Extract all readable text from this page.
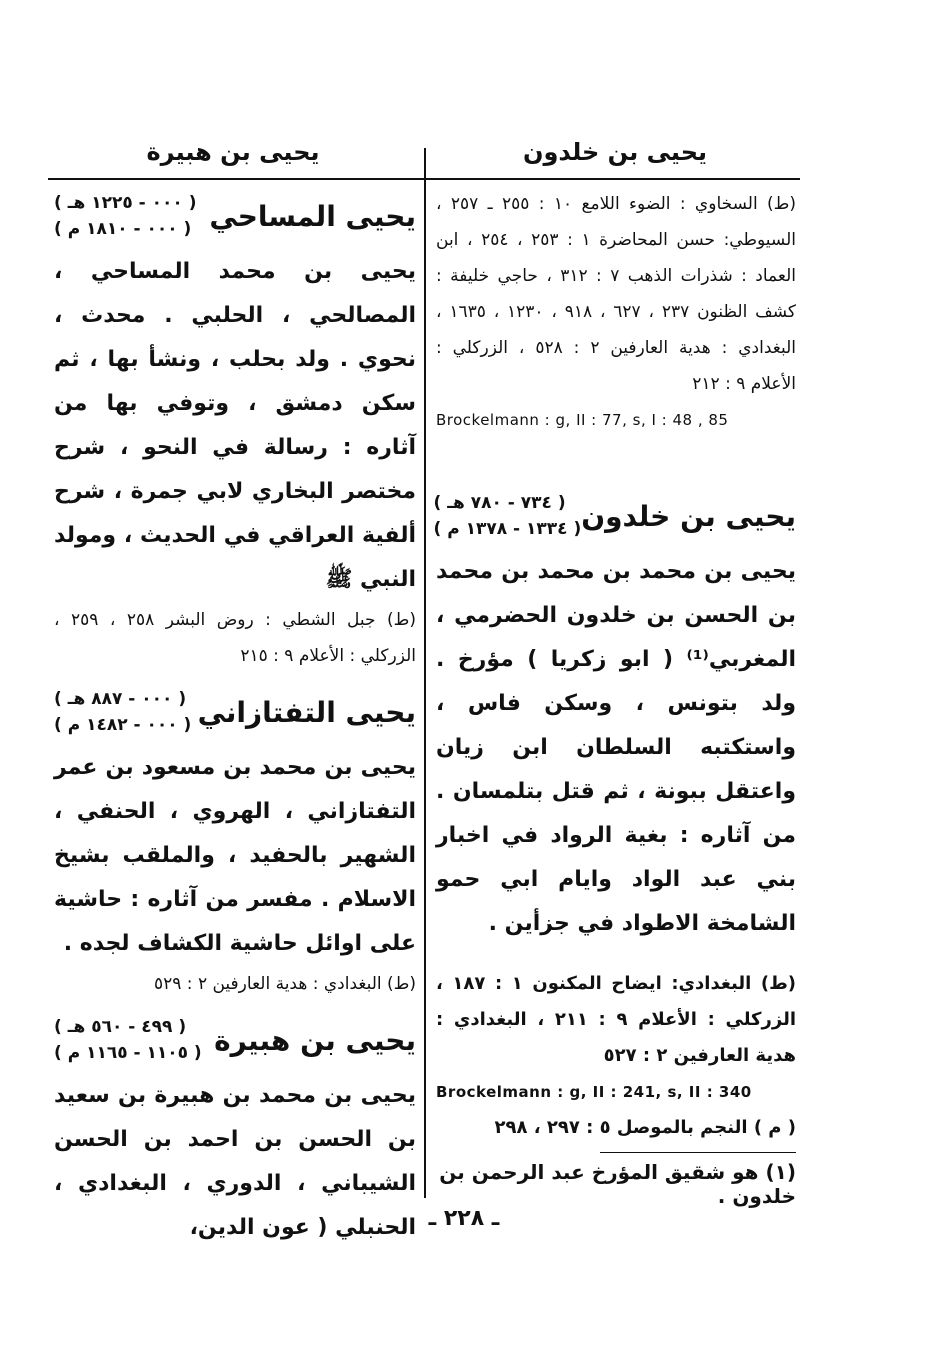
يحيى بن خلدون
يحيى بن هبيرة

(ط) السخاوي : الضوء اللامع ١٠ : ٢٥٥ ـ ٢٥٧ ، السيوطي: حسن المحاضرة ١ : ٢٥٣ ، ٢٥٤ ، ابن العماد : شذرات الذهب ٧ : ٣١٢ ، حاجي خليفة : كشف الظنون ٢٣٧ ، ٦٢٧ ، ٩١٨ ، ١٢٣٠ ، ١٦٣٥ ، البغدادي : هدية العارفين ٢ : ٥٢٨ ، الزركلي : الأعلام ٩ : ٢١٢

Brockelmann : g, II : 77, s, I : 48 , 85

يحيى بن خلدون
( ٧٣٤ - ٧٨٠ هـ )
( ١٣٣٤ - ١٣٧٨ م )

يحيى بن محمد بن محمد بن محمد بن الحسن بن خلدون الحضرمي ، المغربي⁽¹⁾ ( ابو زكريا ) مؤرخ . ولد بتونس ، وسكن فاس ، واستكتبه السلطان ابن زيان واعتقل ببونة ، ثم قتل بتلمسان . من آثاره : بغية الرواد في اخبار بني عبد الواد وايام ابي حمو الشامخة الاطواد في جزأين .

(ط) البغدادي: ايضاح المكنون ١ : ١٨٧ ، الزركلي : الأعلام ٩ : ٢١١ ، البغدادي : هدية العارفين ٢ : ٥٢٧

Brockelmann : g, II : 241, s, II : 340

( م ) النجم بالموصل ٥ : ٢٩٧ ، ٢٩٨

(١) هو شقيق المؤرخ عبد الرحمن بن خلدون .
يحيى المساحي
( ٠٠٠ - ١٢٢٥ هـ )
( ٠٠٠ - ١٨١٠ م )

يحيى بن محمد المساحي ، المصالحي ، الحلبي . محدث ، نحوي . ولد بحلب ، ونشأ بها ، ثم سكن دمشق ، وتوفي بها من آثاره : رسالة في النحو ، شرح مختصر البخاري لابي جمرة ، شرح ألفية العراقي في الحديث ، ومولد النبي ﷺ

(ط) جبل الشطي : روض البشر ٢٥٨ ، ٢٥٩ ، الزركلي : الأعلام ٩ : ٢١٥

يحيى التفتازاني
( ٠٠٠ - ٨٨٧ هـ )
( ٠٠٠ - ١٤٨٢ م )

يحيى بن محمد بن مسعود بن عمر التفتازاني ، الهروي ، الحنفي ، الشهير بالحفيد ، والملقب بشيخ الاسلام . مفسر من آثاره : حاشية على اوائل حاشية الكشاف لجده .

(ط) البغدادي : هدية العارفين ٢ : ٥٢٩

يحيى بن هبيرة
( ٤٩٩ - ٥٦٠ هـ )
( ١١٠٥ - ١١٦٥ م )

يحيى بن محمد بن هبيرة بن سعيد بن الحسن بن احمد بن الحسن الشيباني ، الدوري ، البغدادي ، الحنبلي ( عون الدين، ـ ٢٢٨ ـ
